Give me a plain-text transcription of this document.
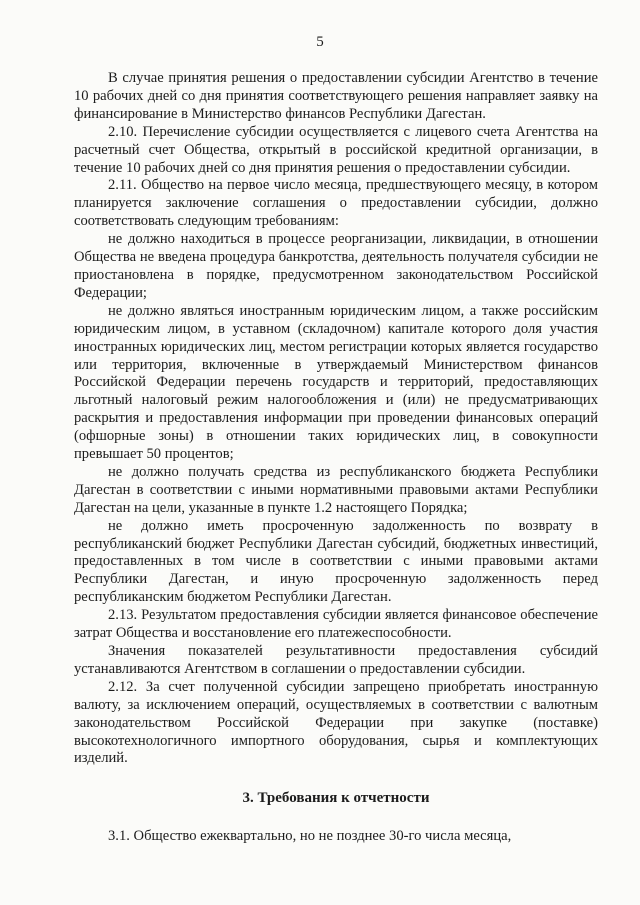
5

В случае принятия решения о предоставлении субсидии Агентство в течение 10 рабочих дней со дня принятия соответствующего решения направляет заявку на финансирование в Министерство финансов Республики Дагестан.

2.10. Перечисление субсидии осуществляется с лицевого счета Агентства на расчетный счет Общества, открытый в российской кредитной организации, в течение 10 рабочих дней со дня принятия решения о предоставлении субсидии.

2.11. Общество на первое число месяца, предшествующего месяцу, в котором планируется заключение соглашения о предоставлении субсидии, должно соответствовать следующим требованиям:

не должно находиться в процессе реорганизации, ликвидации, в отношении Общества не введена процедура банкротства, деятельность получателя субсидии не приостановлена в порядке, предусмотренном законодательством Российской Федерации;

не должно являться иностранным юридическим лицом, а также российским юридическим лицом, в уставном (складочном) капитале которого доля участия иностранных юридических лиц, местом регистрации которых является государство или территория, включенные в утверждаемый Министерством финансов Российской Федерации перечень государств и территорий, предоставляющих льготный налоговый режим налогообложения и (или) не предусматривающих раскрытия и предоставления информации при проведении финансовых операций (офшорные зоны) в отношении таких юридических лиц, в совокупности превышает 50 процентов;

не должно получать средства из республиканского бюджета Республики Дагестан в соответствии с иными нормативными правовыми актами Республики Дагестан на цели, указанные в пункте 1.2 настоящего Порядка;

не должно иметь просроченную задолженность по возврату в республиканский бюджет Республики Дагестан субсидий, бюджетных инвестиций, предоставленных в том числе в соответствии с иными правовыми актами Республики Дагестан, и иную просроченную задолженность перед республиканским бюджетом Республики Дагестан.

2.13. Результатом предоставления субсидии является финансовое обеспечение затрат Общества и восстановление его платежеспособности.

Значения показателей результативности предоставления субсидий устанавливаются Агентством в соглашении о предоставлении субсидии.

2.12. За счет полученной субсидии запрещено приобретать иностранную валюту, за исключением операций, осуществляемых в соответствии с валютным законодательством Российской Федерации при закупке (поставке) высокотехнологичного импортного оборудования, сырья и комплектующих изделий.

3. Требования к отчетности

3.1. Общество ежеквартально, но не позднее 30-го числа месяца,
